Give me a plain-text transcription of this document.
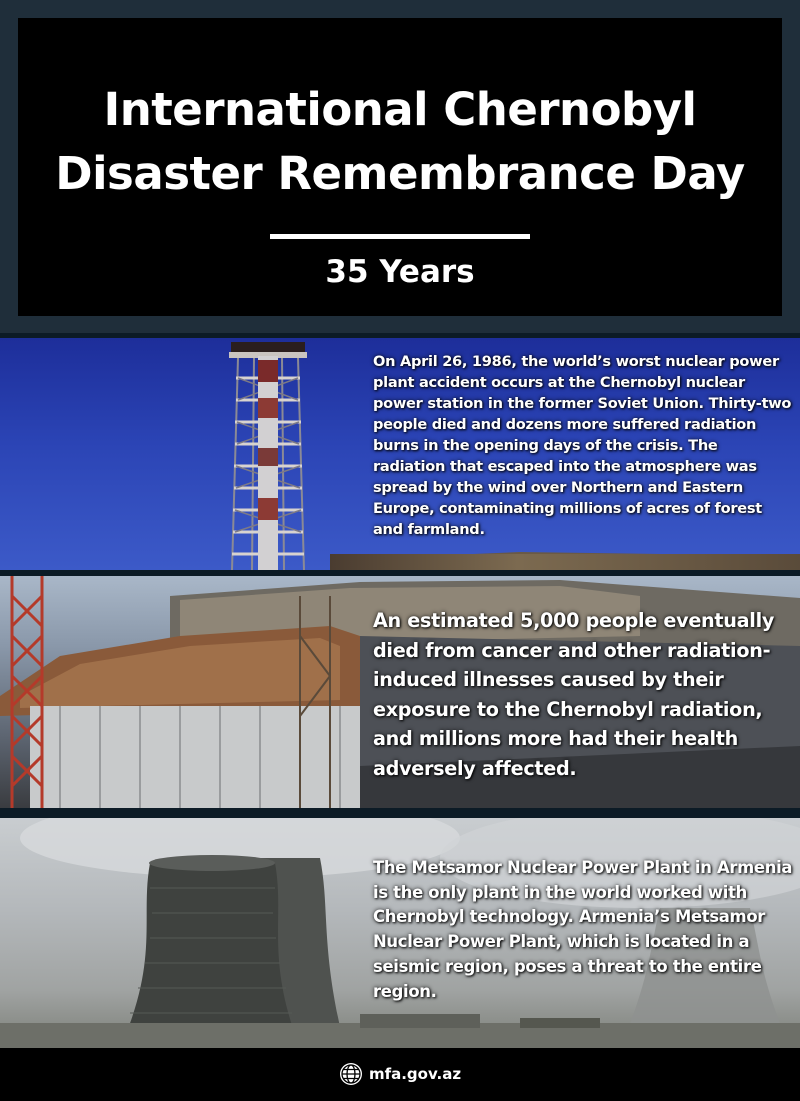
International Chernobyl
Disaster Remembrance Day
35 Years

On April 26, 1986, the world’s worst nuclear power plant accident occurs at the Chernobyl nuclear power station in the former Soviet Union. Thirty-two people died and dozens more suffered radiation burns in the opening days of the crisis. The radiation that escaped into the atmosphere was spread by the wind over Northern and Eastern Europe, contaminating millions of acres of forest and farmland.

An estimated 5,000 people eventually died from cancer and other radiation-induced illnesses caused by their exposure to the Chernobyl radiation, and millions more had their health adversely affected.

The Metsamor Nuclear Power Plant in Armenia is the only plant in the world worked with Chernobyl technology. Armenia’s Metsamor Nuclear Power Plant, which is located in a seismic region, poses a threat to the entire region.

mfa.gov.az
